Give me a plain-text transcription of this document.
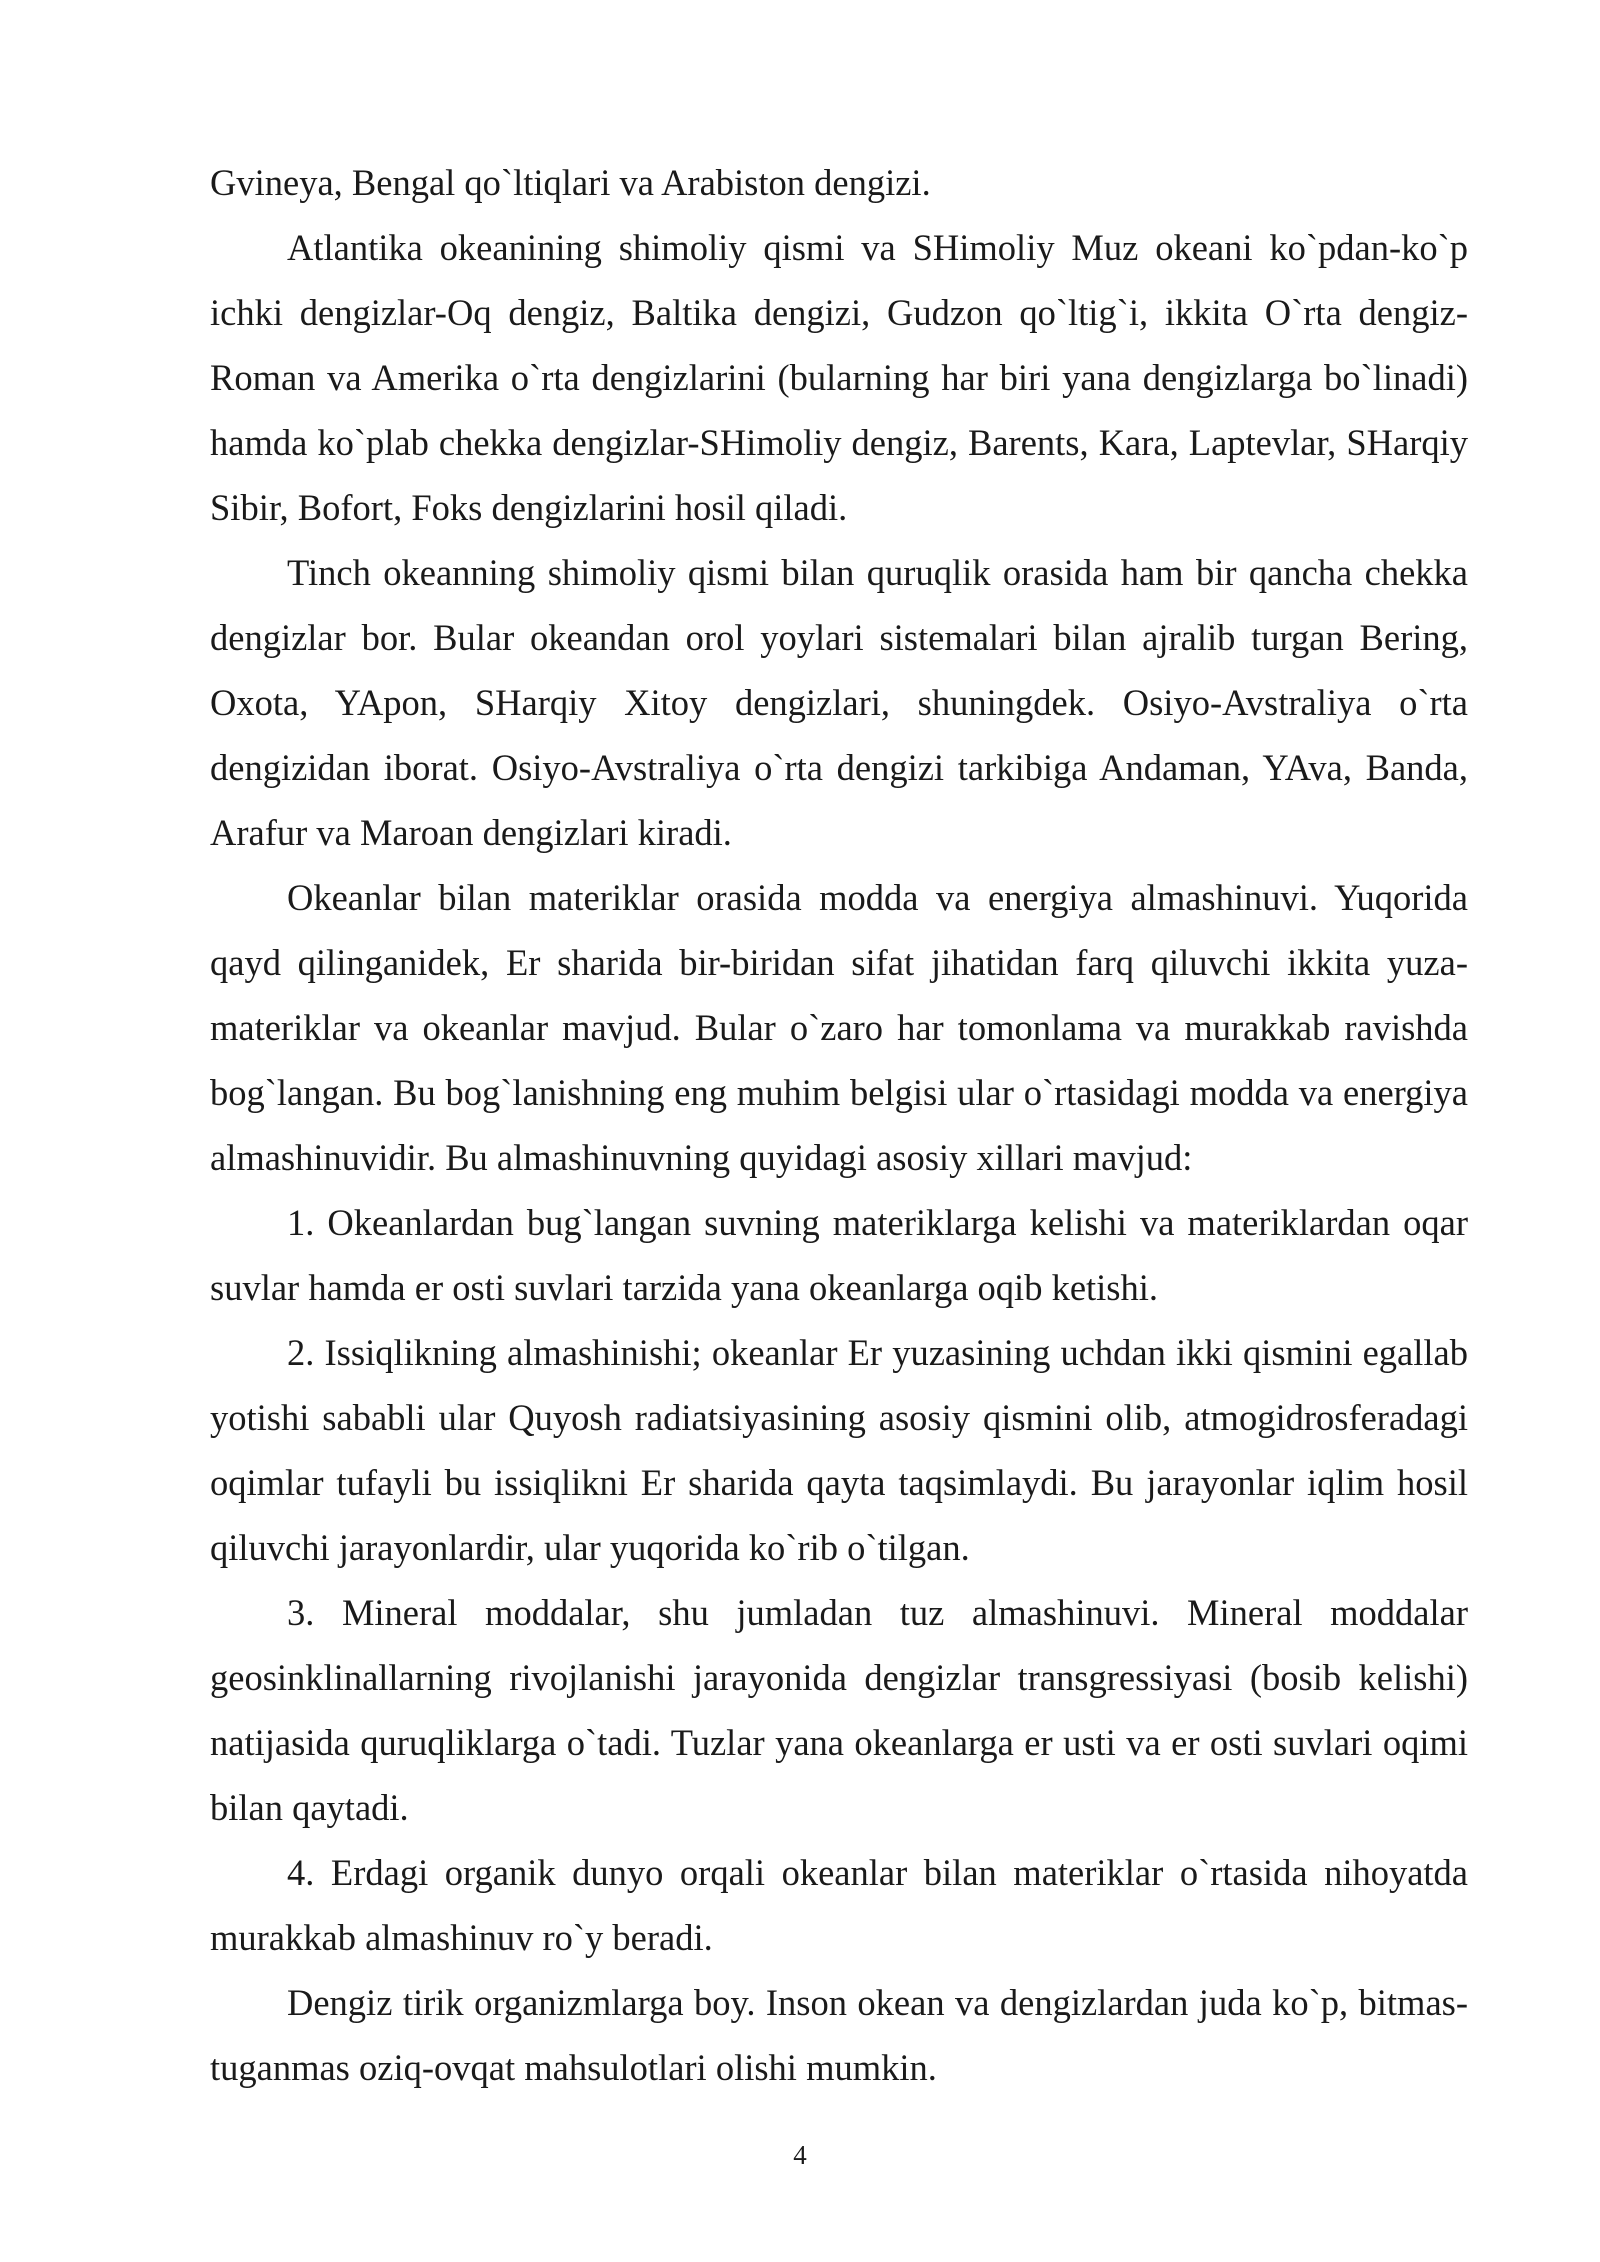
Gvineya, Bengal qo`ltiqlari va Arabiston dengizi.

Atlantika okeanining shimoliy qismi va SHimoliy Muz okeani ko`pdan-ko`p ichki dengizlar-Oq dengiz, Baltika dengizi, Gudzon qo`ltig`i, ikkita O`rta dengiz-Roman va Amerika o`rta dengizlarini (bularning har biri yana dengizlarga bo`linadi) hamda ko`plab chekka dengizlar-SHimoliy dengiz, Barents, Kara, Laptevlar, SHarqiy Sibir, Bofort, Foks dengizlarini hosil qiladi.

Tinch okeanning shimoliy qismi bilan quruqlik orasida ham bir qancha chekka dengizlar bor. Bular okeandan orol yoylari sistemalari bilan ajralib turgan Bering, Oxota, YApon, SHarqiy Xitoy dengizlari, shuningdek. Osiyo-Avstraliya o`rta dengizidan iborat. Osiyo-Avstraliya o`rta dengizi tarkibiga Andaman, YAva, Banda, Arafur va Maroan dengizlari kiradi.

Okeanlar bilan materiklar orasida modda va energiya almashinuvi. Yuqorida qayd qilinganidek, Er sharida bir-biridan sifat jihatidan farq qiluvchi ikkita yuza-materiklar va okeanlar mavjud. Bular o`zaro har tomonlama va murakkab ravishda bog`langan. Bu bog`lanishning eng muhim belgisi ular o`rtasidagi modda va energiya almashinuvidir. Bu almashinuvning quyidagi asosiy xillari mavjud:

1. Okeanlardan bug`langan suvning materiklarga kelishi va materiklardan oqar suvlar hamda er osti suvlari tarzida yana okeanlarga oqib ketishi.

2. Issiqlikning almashinishi; okeanlar Er yuzasining uchdan ikki qismini egallab yotishi sababli ular Quyosh radiatsiyasining asosiy qismini olib, atmogidrosferadagi oqimlar tufayli bu issiqlikni Er sharida qayta taqsimlaydi. Bu jarayonlar iqlim hosil qiluvchi jarayonlardir, ular yuqorida ko`rib o`tilgan.

3. Mineral moddalar, shu jumladan tuz almashinuvi. Mineral moddalar geosinklinallarning rivojlanishi jarayonida dengizlar transgressiyasi (bosib kelishi) natijasida quruqliklarga o`tadi. Tuzlar yana okeanlarga er usti va er osti suvlari oqimi bilan qaytadi.

4. Erdagi organik dunyo orqali okeanlar bilan materiklar o`rtasida nihoyatda murakkab almashinuv ro`y beradi.

Dengiz tirik organizmlarga boy. Inson okean va dengizlardan juda ko`p, bitmas-tuganmas oziq-ovqat mahsulotlari olishi mumkin.

4
